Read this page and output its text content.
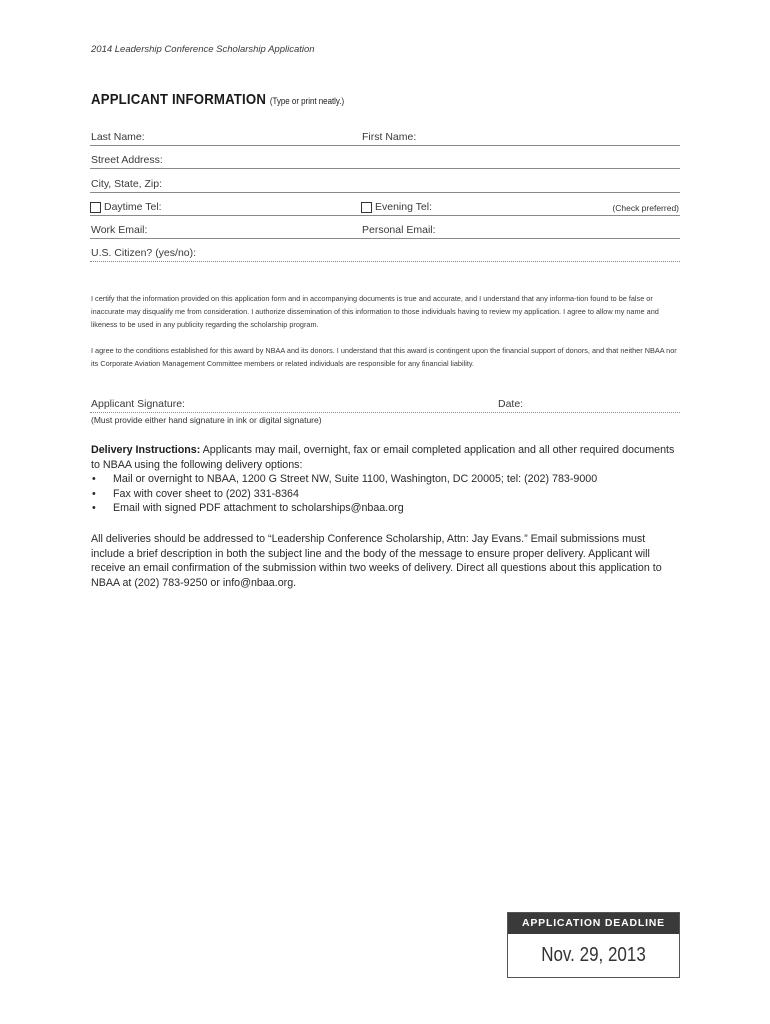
2014 Leadership Conference Scholarship Application
APPLICANT INFORMATION (Type or print neatly.)
Last Name:	First Name:
Street Address:
City, State, Zip:
Daytime Tel:	Evening Tel:	(Check preferred)
Work Email:	Personal Email:
U.S. Citizen? (yes/no):
I certify that the information provided on this application form and in accompanying documents is true and accurate, and I understand that any informa-tion found to be false or inaccurate may disqualify me from consideration. I authorize dissemination of this information to those individuals having to review my application. I agree to allow my name and likeness to be used in any publicity regarding the scholarship program.
I agree to the conditions established for this award by NBAA and its donors. I understand that this award is contingent upon the financial support of donors, and that neither NBAA nor its Corporate Aviation Management Committee members or related individuals are responsible for any financial liability.
Applicant Signature:	Date:
(Must provide either hand signature in ink or digital signature)
Delivery Instructions: Applicants may mail, overnight, fax or email completed application and all other required documents to NBAA using the following delivery options:
• Mail or overnight to NBAA, 1200 G Street NW, Suite 1100, Washington, DC 20005; tel: (202) 783-9000
• Fax with cover sheet to (202) 331-8364
• Email with signed PDF attachment to scholarships@nbaa.org
All deliveries should be addressed to “Leadership Conference Scholarship, Attn: Jay Evans.” Email submissions must include a brief description in both the subject line and the body of the message to ensure proper delivery. Applicant will receive an email confirmation of the submission within two weeks of delivery. Direct all questions about this application to NBAA at (202) 783-9250 or info@nbaa.org.
APPLICATION DEADLINE
Nov. 29, 2013
